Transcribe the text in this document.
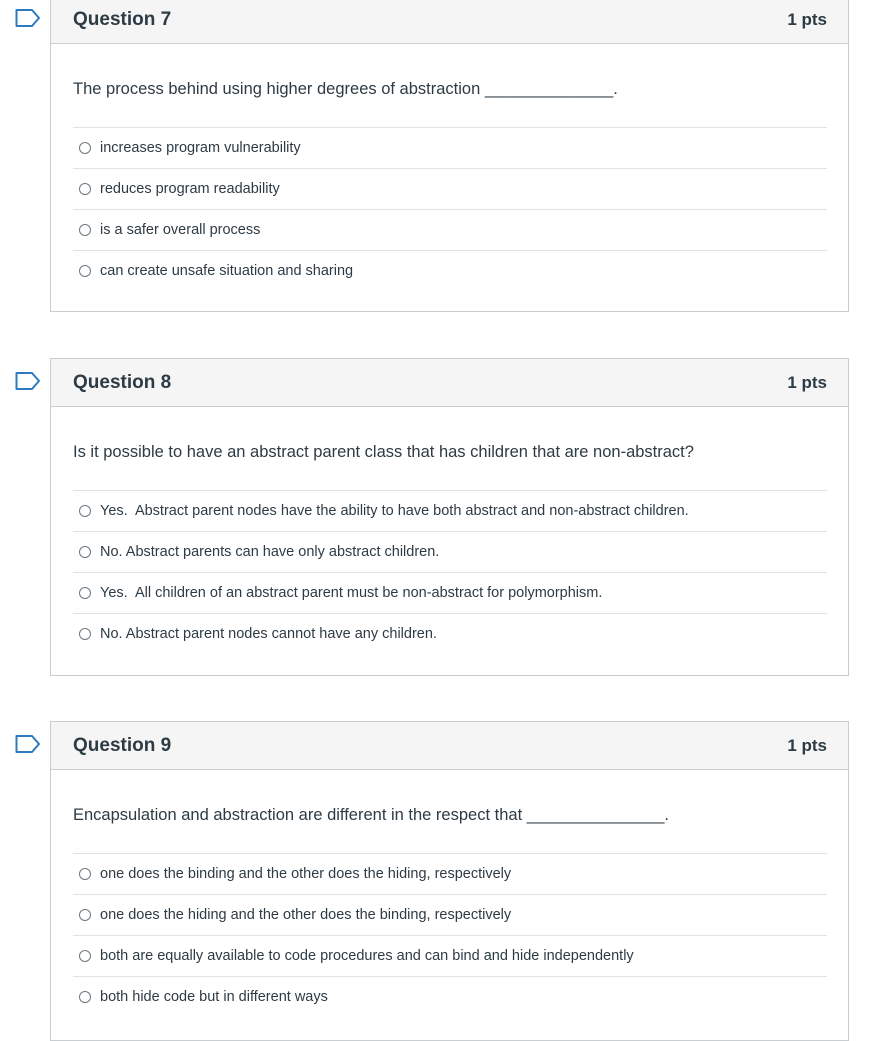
Question 7	1 pts

The process behind using higher degrees of abstraction ______________.

increases program vulnerability
reduces program readability
is a safer overall process
can create unsafe situation and sharing
Question 8	1 pts

Is it possible to have an abstract parent class that has children that are non-abstract?

Yes.  Abstract parent nodes have the ability to have both abstract and non-abstract children.
No. Abstract parents can have only abstract children.
Yes.  All children of an abstract parent must be non-abstract for polymorphism.
No. Abstract parent nodes cannot have any children.
Question 9	1 pts

Encapsulation and abstraction are different in the respect that _______________.

one does the binding and the other does the hiding, respectively
one does the hiding and the other does the binding, respectively
both are equally available to code procedures and can bind and hide independently
both hide code but in different ways
